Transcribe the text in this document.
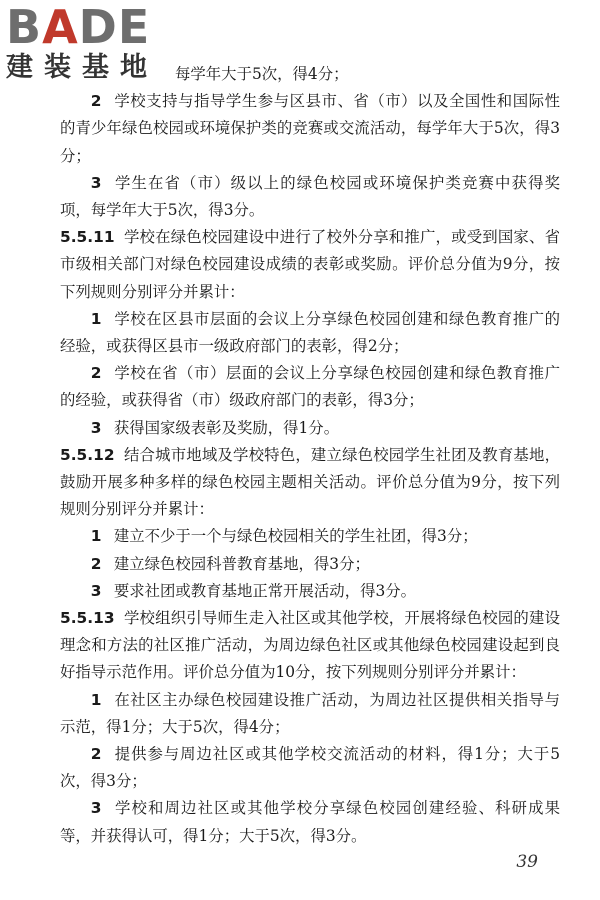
BADE
建装基地	每学年大于5次，得4分；

2 学校支持与指导学生参与区县市、省（市）以及全国性和国际性的青少年绿色校园或环境保护类的竞赛或交流活动，每学年大于5次，得3分；

3 学生在省（市）级以上的绿色校园或环境保护类竞赛中获得奖项，每学年大于5次，得3分。

5.5.11 学校在绿色校园建设中进行了校外分享和推广，或受到国家、省市级相关部门对绿色校园建设成绩的表彰或奖励。评价总分值为9分，按下列规则分别评分并累计：

1 学校在区县市层面的会议上分享绿色校园创建和绿色教育推广的经验，或获得区县市一级政府部门的表彰，得2分；

2 学校在省（市）层面的会议上分享绿色校园创建和绿色教育推广的经验，或获得省（市）级政府部门的表彰，得3分；

3 获得国家级表彰及奖励，得1分。

5.5.12 结合城市地域及学校特色，建立绿色校园学生社团及教育基地，鼓励开展多种多样的绿色校园主题相关活动。评价总分值为9分，按下列规则分别评分并累计：

1 建立不少于一个与绿色校园相关的学生社团，得3分；

2 建立绿色校园科普教育基地，得3分；

3 要求社团或教育基地正常开展活动，得3分。

5.5.13 学校组织引导师生走入社区或其他学校，开展将绿色校园的建设理念和方法的社区推广活动，为周边绿色社区或其他绿色校园建设起到良好指导示范作用。评价总分值为10分，按下列规则分别评分并累计：

1 在社区主办绿色校园建设推广活动，为周边社区提供相关指导与示范，得1分；大于5次，得4分；

2 提供参与周边社区或其他学校交流活动的材料，得1分；大于5次，得3分；

3 学校和周边社区或其他学校分享绿色校园创建经验、科研成果等，并获得认可，得1分；大于5次，得3分。

39
